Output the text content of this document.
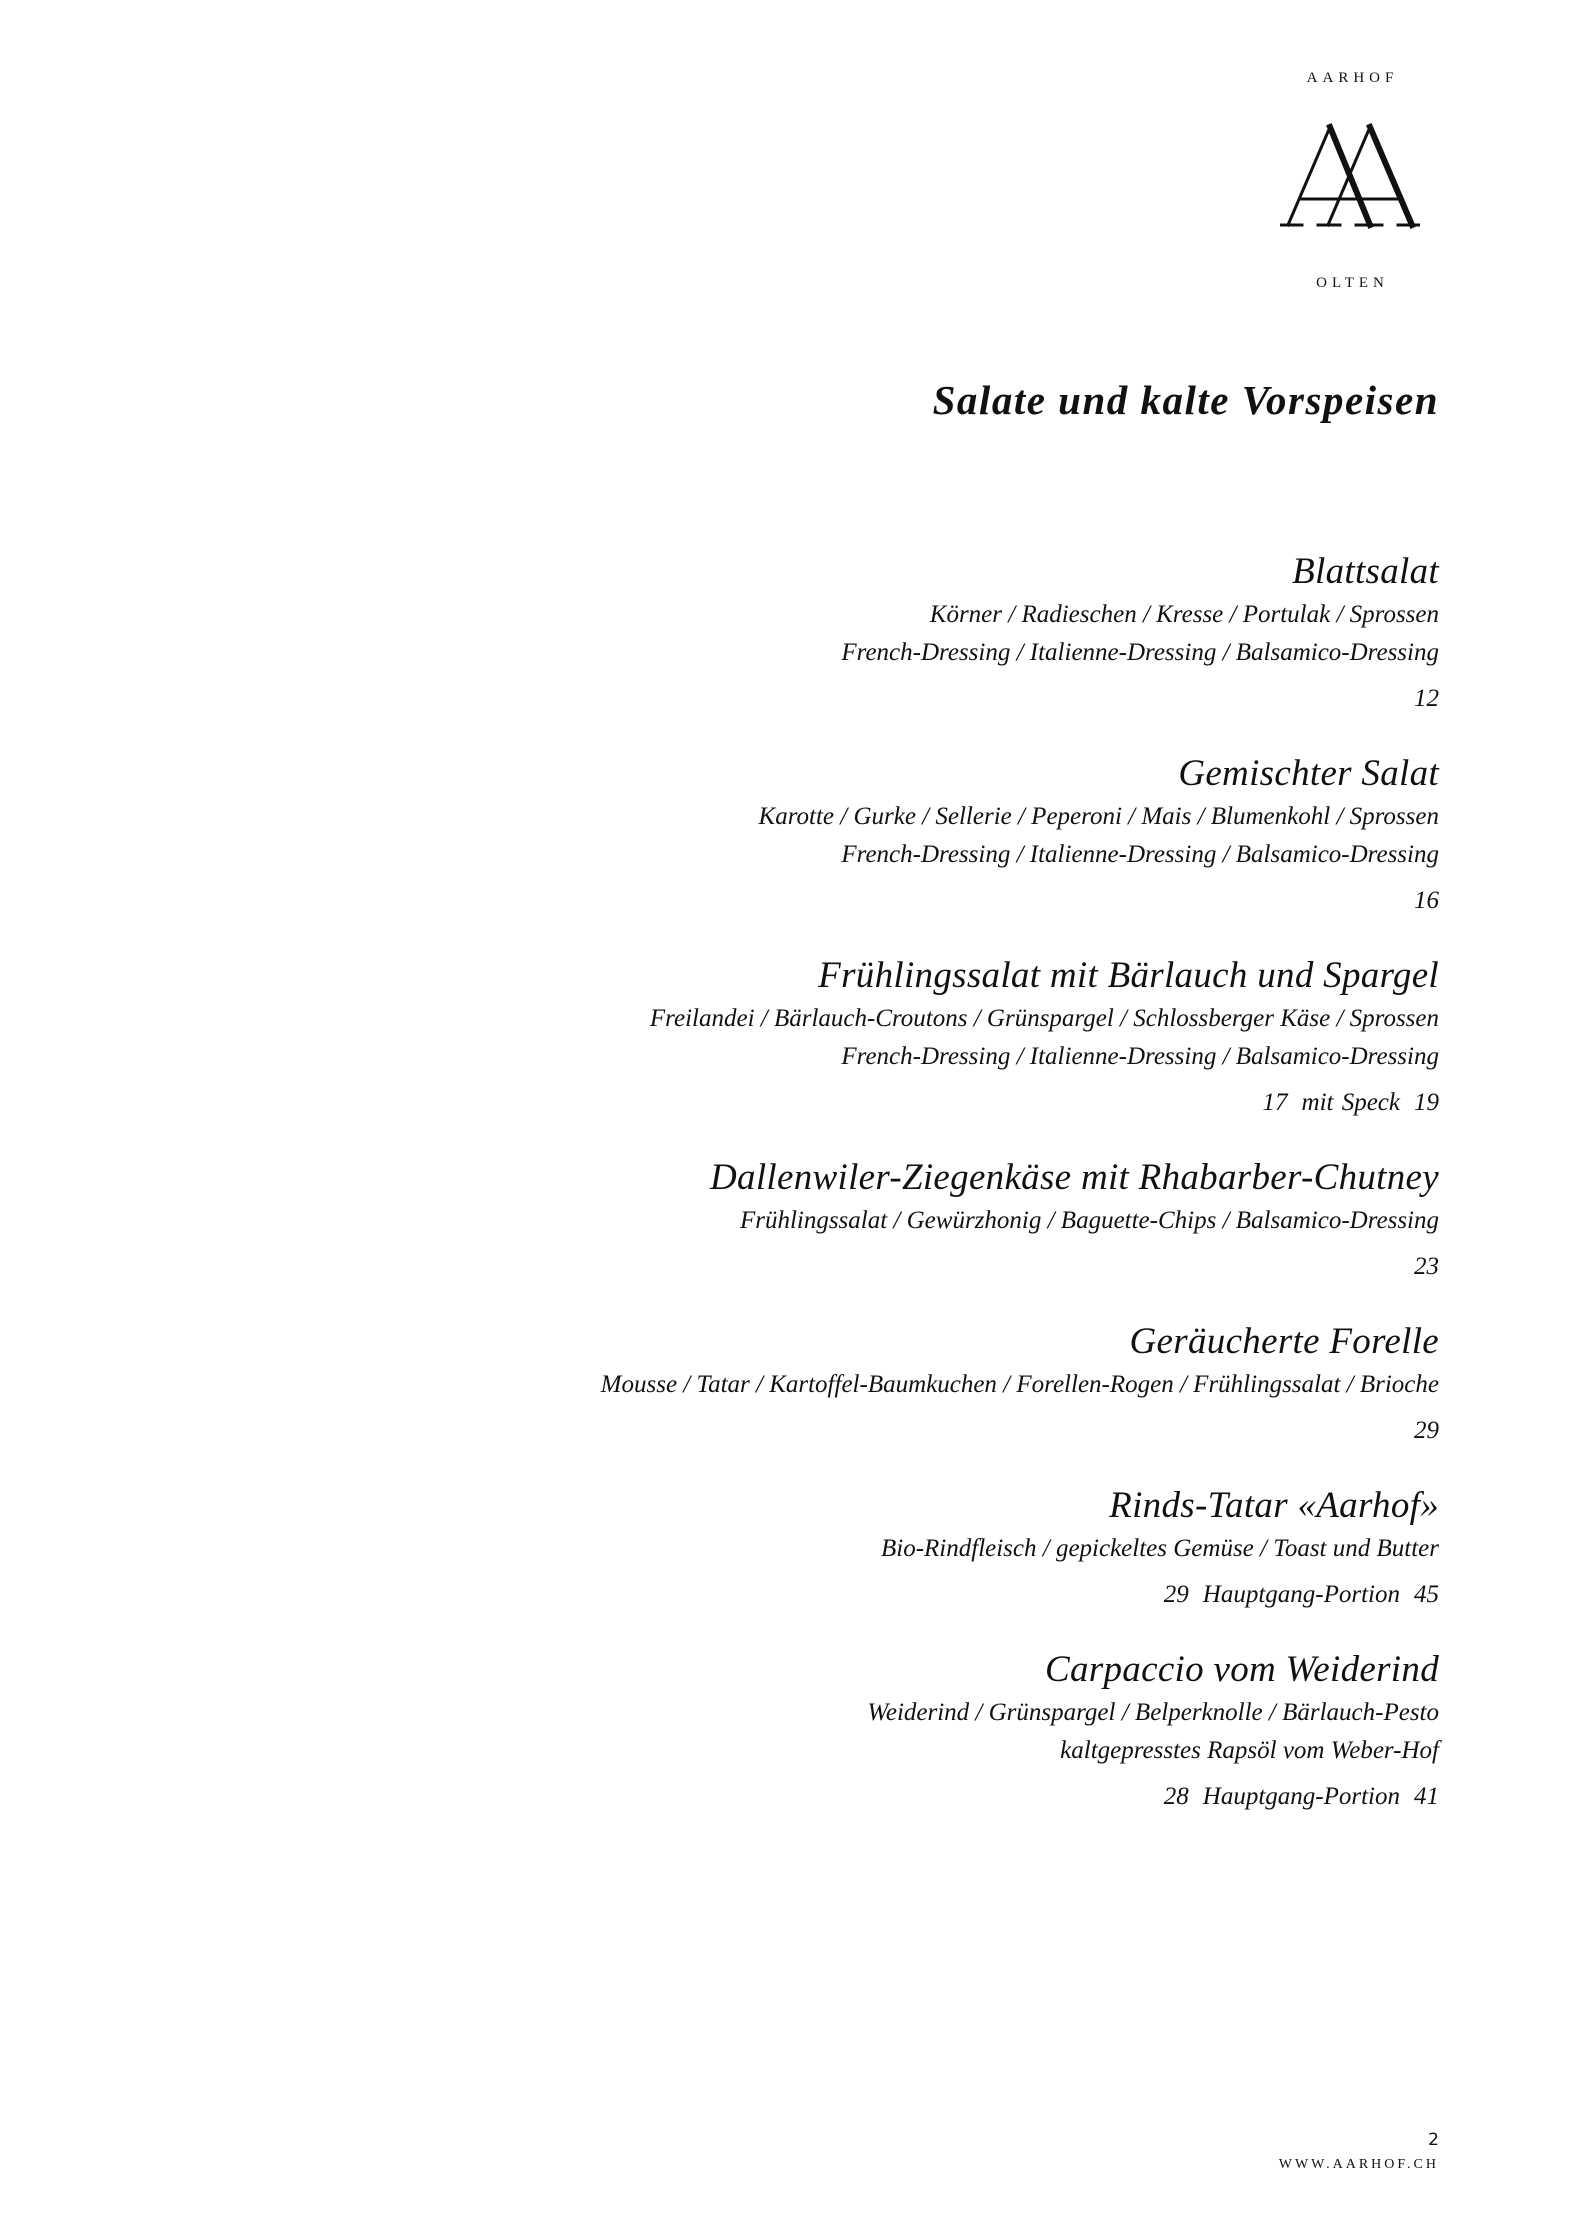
AARHOF
OLTEN
Salate und kalte Vorspeisen
Blattsalat
Körner / Radieschen / Kresse / Portulak / Sprossen
French-Dressing / Italienne-Dressing / Balsamico-Dressing
12
Gemischter Salat
Karotte / Gurke / Sellerie / Peperoni / Mais / Blumenkohl / Sprossen
French-Dressing / Italienne-Dressing / Balsamico-Dressing
16
Frühlingssalat mit Bärlauch und Spargel
Freilandei / Bärlauch-Croutons / Grünspargel / Schlossberger Käse / Sprossen
French-Dressing / Italienne-Dressing / Balsamico-Dressing
17 mit Speck 19
Dallenwiler-Ziegenkäse mit Rhabarber-Chutney
Frühlingssalat / Gewürzhonig / Baguette-Chips / Balsamico-Dressing
23
Geräucherte Forelle
Mousse / Tatar / Kartoffel-Baumkuchen / Forellen-Rogen / Frühlingssalat / Brioche
29
Rinds-Tatar «Aarhof»
Bio-Rindfleisch / gepickeltes Gemüse / Toast und Butter
29 Hauptgang-Portion 45
Carpaccio vom Weiderind
Weiderind / Grünspargel / Belperknolle / Bärlauch-Pesto
kaltgepresstes Rapsöl vom Weber-Hof
28 Hauptgang-Portion 41
2
WWW.AARHOF.CH
